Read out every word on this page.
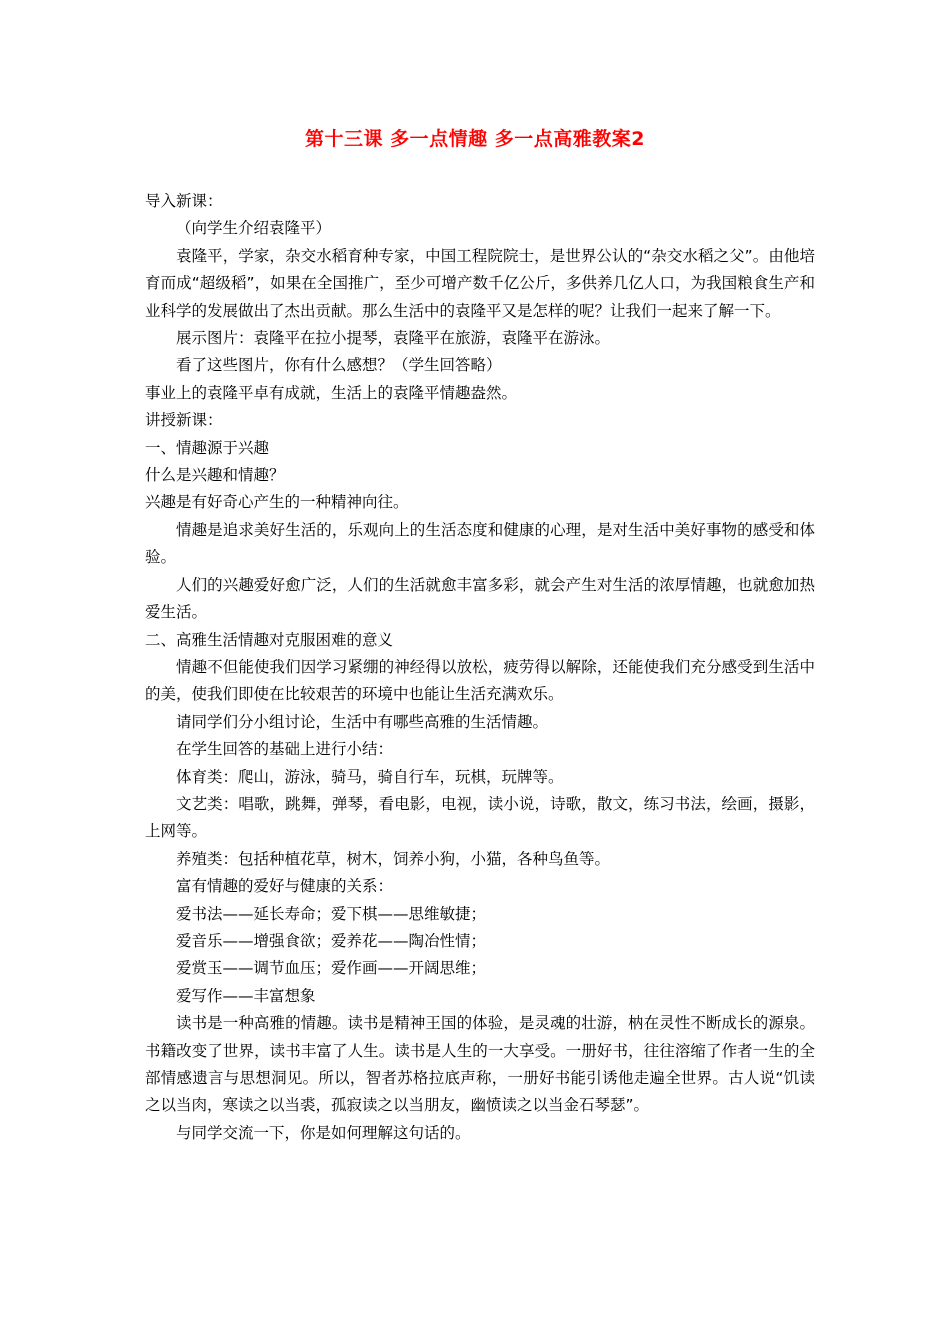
第十三课 多一点情趣 多一点高雅教案2

导入新课：

（向学生介绍袁隆平）

袁隆平，学家，杂交水稻育种专家，中国工程院院士，是世界公认的“杂交水稻之父”。由他培育而成“超级稻”，如果在全国推广，至少可增产数千亿公斤，多供养几亿人口，为我国粮食生产和业科学的发展做出了杰出贡献。那么生活中的袁隆平又是怎样的呢？让我们一起来了解一下。

展示图片：袁隆平在拉小提琴，袁隆平在旅游，袁隆平在游泳。

看了这些图片，你有什么感想？（学生回答略）

事业上的袁隆平卓有成就，生活上的袁隆平情趣盎然。

讲授新课：

一、情趣源于兴趣

什么是兴趣和情趣？

兴趣是有好奇心产生的一种精神向往。

情趣是追求美好生活的，乐观向上的生活态度和健康的心理，是对生活中美好事物的感受和体验。

人们的兴趣爱好愈广泛，人们的生活就愈丰富多彩，就会产生对生活的浓厚情趣，也就愈加热爱生活。

二、高雅生活情趣对克服困难的意义

情趣不但能使我们因学习紧绷的神经得以放松，疲劳得以解除，还能使我们充分感受到生活中的美，使我们即使在比较艰苦的环境中也能让生活充满欢乐。

请同学们分小组讨论，生活中有哪些高雅的生活情趣。

在学生回答的基础上进行小结：

体育类：爬山，游泳，骑马，骑自行车，玩棋，玩牌等。

文艺类：唱歌，跳舞，弹琴，看电影，电视，读小说，诗歌，散文，练习书法，绘画，摄影，上网等。

养殖类：包括种植花草，树木，饲养小狗，小猫，各种鸟鱼等。

富有情趣的爱好与健康的关系：

爱书法——延长寿命；爱下棋——思维敏捷；

爱音乐——增强食欲；爱养花——陶冶性情；

爱赏玉——调节血压；爱作画——开阔思维；

爱写作——丰富想象

读书是一种高雅的情趣。读书是精神王国的体验，是灵魂的壮游，枘在灵性不断成长的源泉。书籍改变了世界，读书丰富了人生。读书是人生的一大享受。一册好书，往往溶缩了作者一生的全部情感遗言与思想洞见。所以，智者苏格拉底声称，一册好书能引诱他走遍全世界。古人说“饥读之以当肉，寒读之以当裘，孤寂读之以当朋友，幽愤读之以当金石琴瑟”。

与同学交流一下，你是如何理解这句话的。
